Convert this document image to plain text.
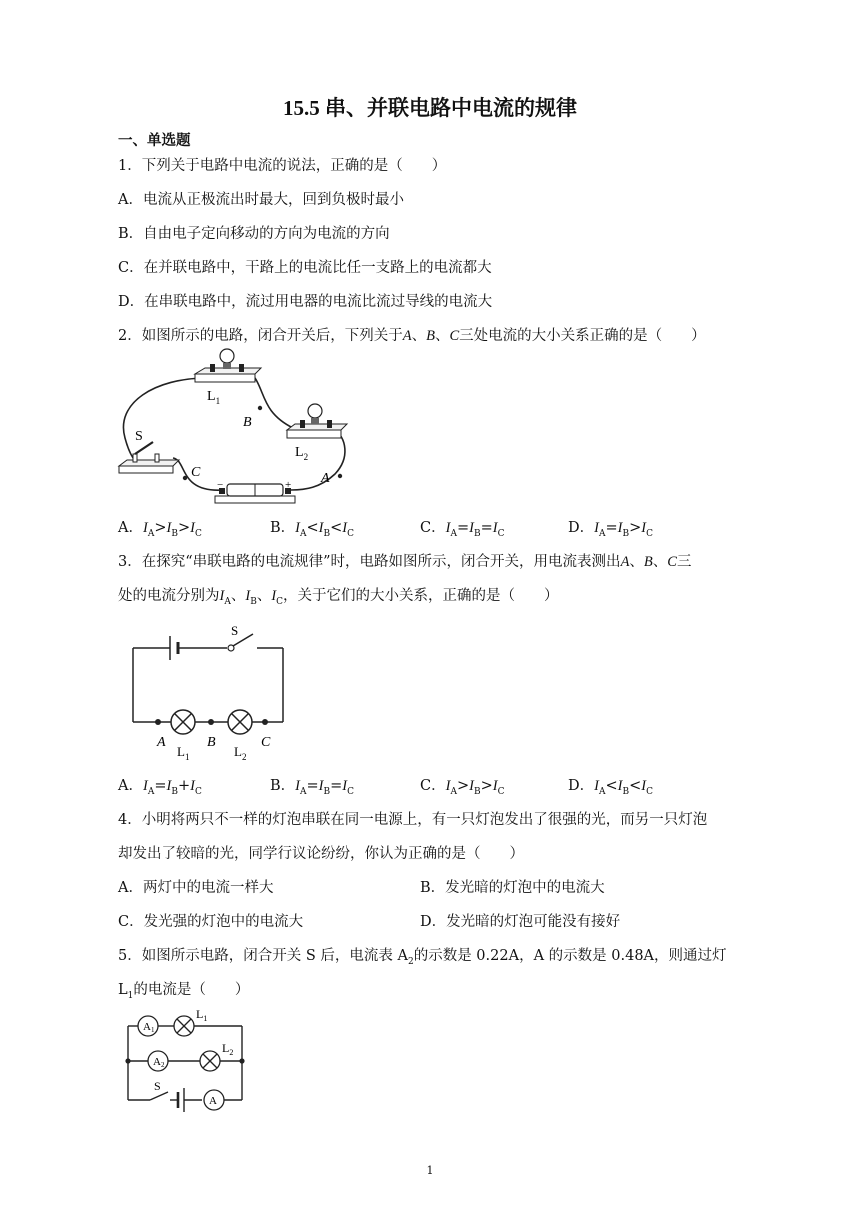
15.5 串、并联电路中电流的规律
一、单选题
1．下列关于电路中电流的说法，正确的是（　　）
A．电流从正极流出时最大，回到负极时最小
B．自由电子定向移动的方向为电流的方向
C．在并联电路中，干路上的电流比任一支路上的电流都大
D．在串联电路中，流过用电器的电流比流过导线的电流大
2．如图所示的电路，闭合开关后，下列关于A、B、C三处电流的大小关系正确的是（　　）
$L_1$
$L_2$
S
B
C	A
−	+
A．$I_A>I_B>I_C$	B．$I_A<I_B<I_C$	C．$I_A=I_B=I_C$	D．$I_A=I_B>I_C$
3．在探究“串联电路的电流规律”时，电路如图所示，闭合开关，用电流表测出A、B、C三
处的电流分别为$I_A$、$I_B$、$I_C$，关于它们的大小关系，正确的是（　　）
S
A	B	C
$L_1$	$L_2$
A．$I_A=I_B+I_C$	B．$I_A=I_B=I_C$	C．$I_A>I_B>I_C$	D．$I_A<I_B<I_C$
4．小明将两只不一样的灯泡串联在同一电源上，有一只灯泡发出了很强的光，而另一只灯泡
却发出了较暗的光，同学行议论纷纷，你认为正确的是（　　）
A．两灯中的电流一样大	B．发光暗的灯泡中的电流大
C．发光强的灯泡中的电流大	D．发光暗的灯泡可能没有接好
5．如图所示电路，闭合开关 S 后，电流表 $A_2$的示数是 0.22A，A 的示数是 0.48A，则通过灯
$L_1$的电流是（　　）
A1
A2
A
$L_1$
$L_2$
S
1
